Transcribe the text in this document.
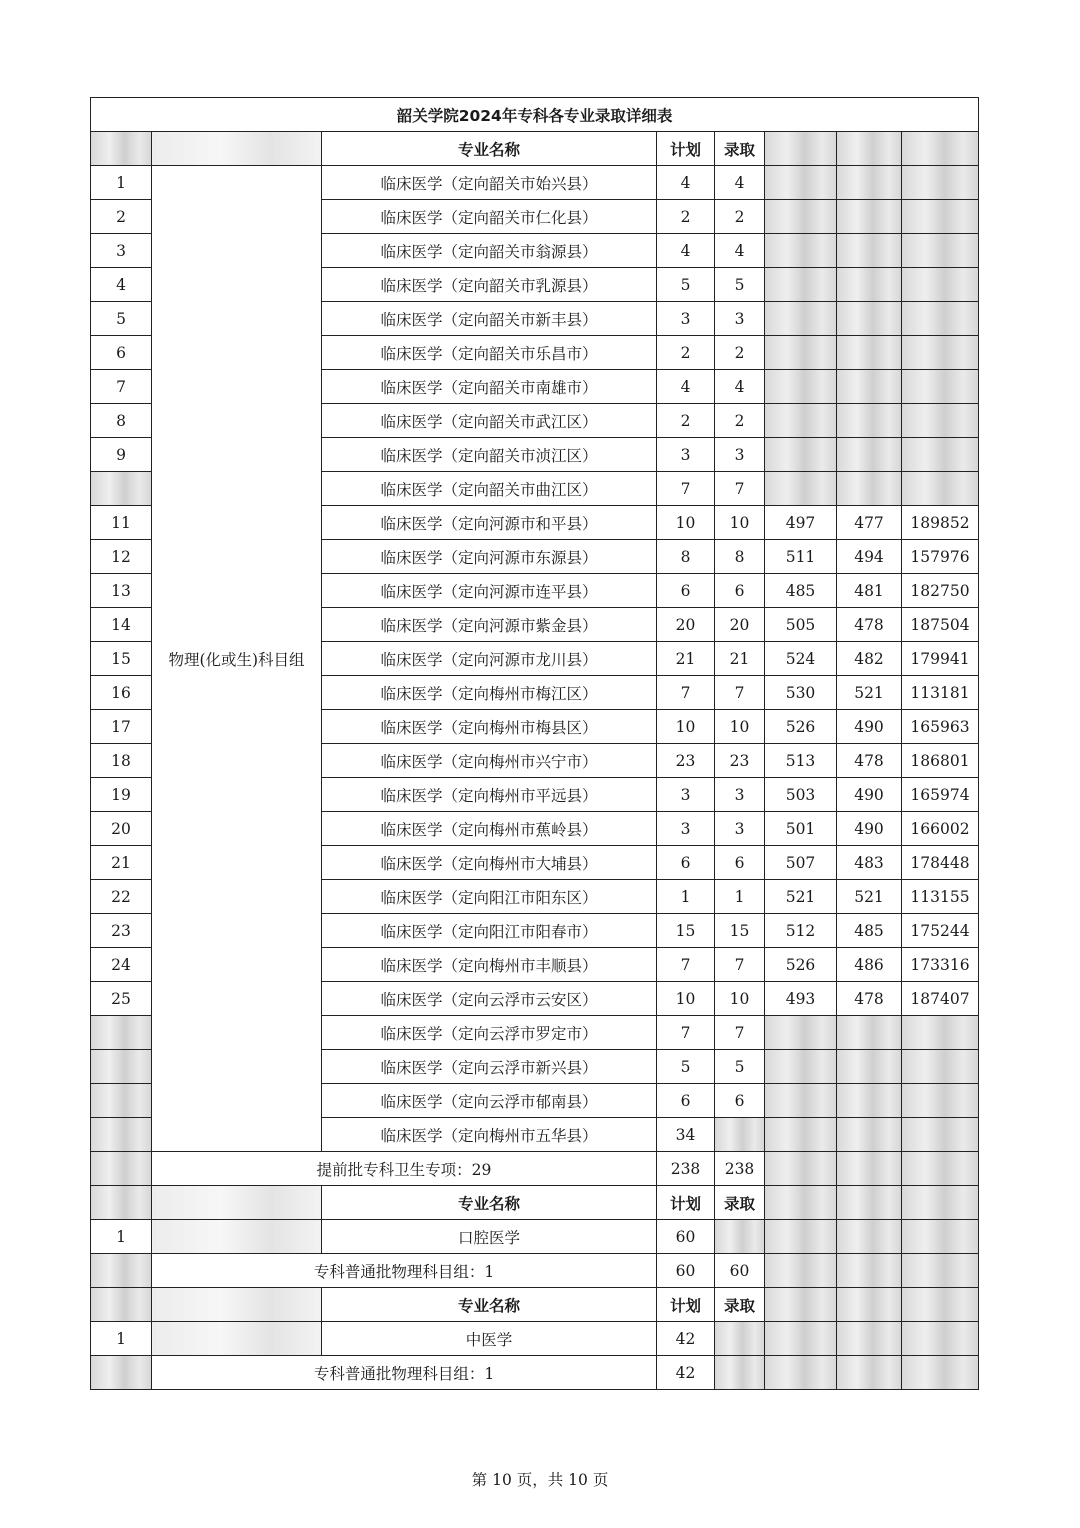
韶关学院2024年专科各专业录取详细表							
		专业名称	计划	录取			
1	物理(化或生)科目组	临床医学（定向韶关市始兴县）	4	4			
2		临床医学（定向韶关市仁化县）	2	2			
3		临床医学（定向韶关市翁源县）	4	4			
4		临床医学（定向韶关市乳源县）	5	5			
5		临床医学（定向韶关市新丰县）	3	3			
6		临床医学（定向韶关市乐昌市）	2	2			
7		临床医学（定向韶关市南雄市）	4	4			
8		临床医学（定向韶关市武江区）	2	2			
9		临床医学（定向韶关市浈江区）	3	3			
		临床医学（定向韶关市曲江区）	7	7			
11		临床医学（定向河源市和平县）	10	10	497	477	189852
12		临床医学（定向河源市东源县）	8	8	511	494	157976
13		临床医学（定向河源市连平县）	6	6	485	481	182750
14		临床医学（定向河源市紫金县）	20	20	505	478	187504
15		临床医学（定向河源市龙川县）	21	21	524	482	179941
16		临床医学（定向梅州市梅江区）	7	7	530	521	113181
17		临床医学（定向梅州市梅县区）	10	10	526	490	165963
18		临床医学（定向梅州市兴宁市）	23	23	513	478	186801
19		临床医学（定向梅州市平远县）	3	3	503	490	165974
20		临床医学（定向梅州市蕉岭县）	3	3	501	490	166002
21		临床医学（定向梅州市大埔县）	6	6	507	483	178448
22		临床医学（定向阳江市阳东区）	1	1	521	521	113155
23		临床医学（定向阳江市阳春市）	15	15	512	485	175244
24		临床医学（定向梅州市丰顺县）	7	7	526	486	173316
25		临床医学（定向云浮市云安区）	10	10	493	478	187407
		临床医学（定向云浮市罗定市）	7	7			
		临床医学（定向云浮市新兴县）	5	5			
		临床医学（定向云浮市郁南县）	6	6			
		临床医学（定向梅州市五华县）	34				
	提前批专科卫生专项：29		238	238			
		专业名称	计划	录取			
1		口腔医学	60				
	专科普通批物理科目组：1		60	60			
		专业名称	计划	录取			
1		中医学	42				
	专科普通批物理科目组：1		42				
第 10 页，共 10 页
